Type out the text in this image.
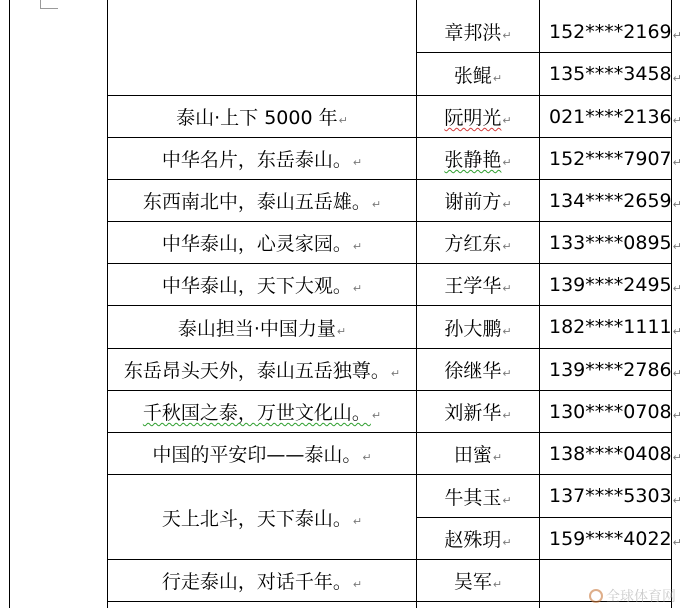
章邦洪 ↵ 152****2169 ↵
张鲲 ↵ 135****3458 ↵
泰山·上下 5000 年 ↵	阮明光 ↵ 021****2136 ↵
中华名片，东岳泰山。 ↵	张静艳 ↵ 152****7907 ↵
东西南北中，泰山五岳雄。 ↵	谢前方 ↵ 134****2659 ↵
中华泰山，心灵家园。 ↵	方红东 ↵ 133****0895 ↵
中华泰山，天下大观。 ↵	王学华 ↵ 139****2495 ↵
泰山担当·中国力量 ↵	孙大鹏 ↵ 182****1111 ↵
东岳昂头天外，泰山五岳独尊。 ↵ 徐继华 ↵ 139****2786 ↵
千秋国之泰，万世文化山。 ↵	刘新华 ↵ 130****0708 ↵
中国的平安印——泰山。 ↵	田蜜 ↵ 138****0408 ↵
天上北斗，天下泰山。 ↵
牛其玉 ↵ 137****5303 ↵
赵殊玥 ↵ 159****4022 ↵
行走泰山，对话千年。 ↵	吴军 ↵
全球体育网
